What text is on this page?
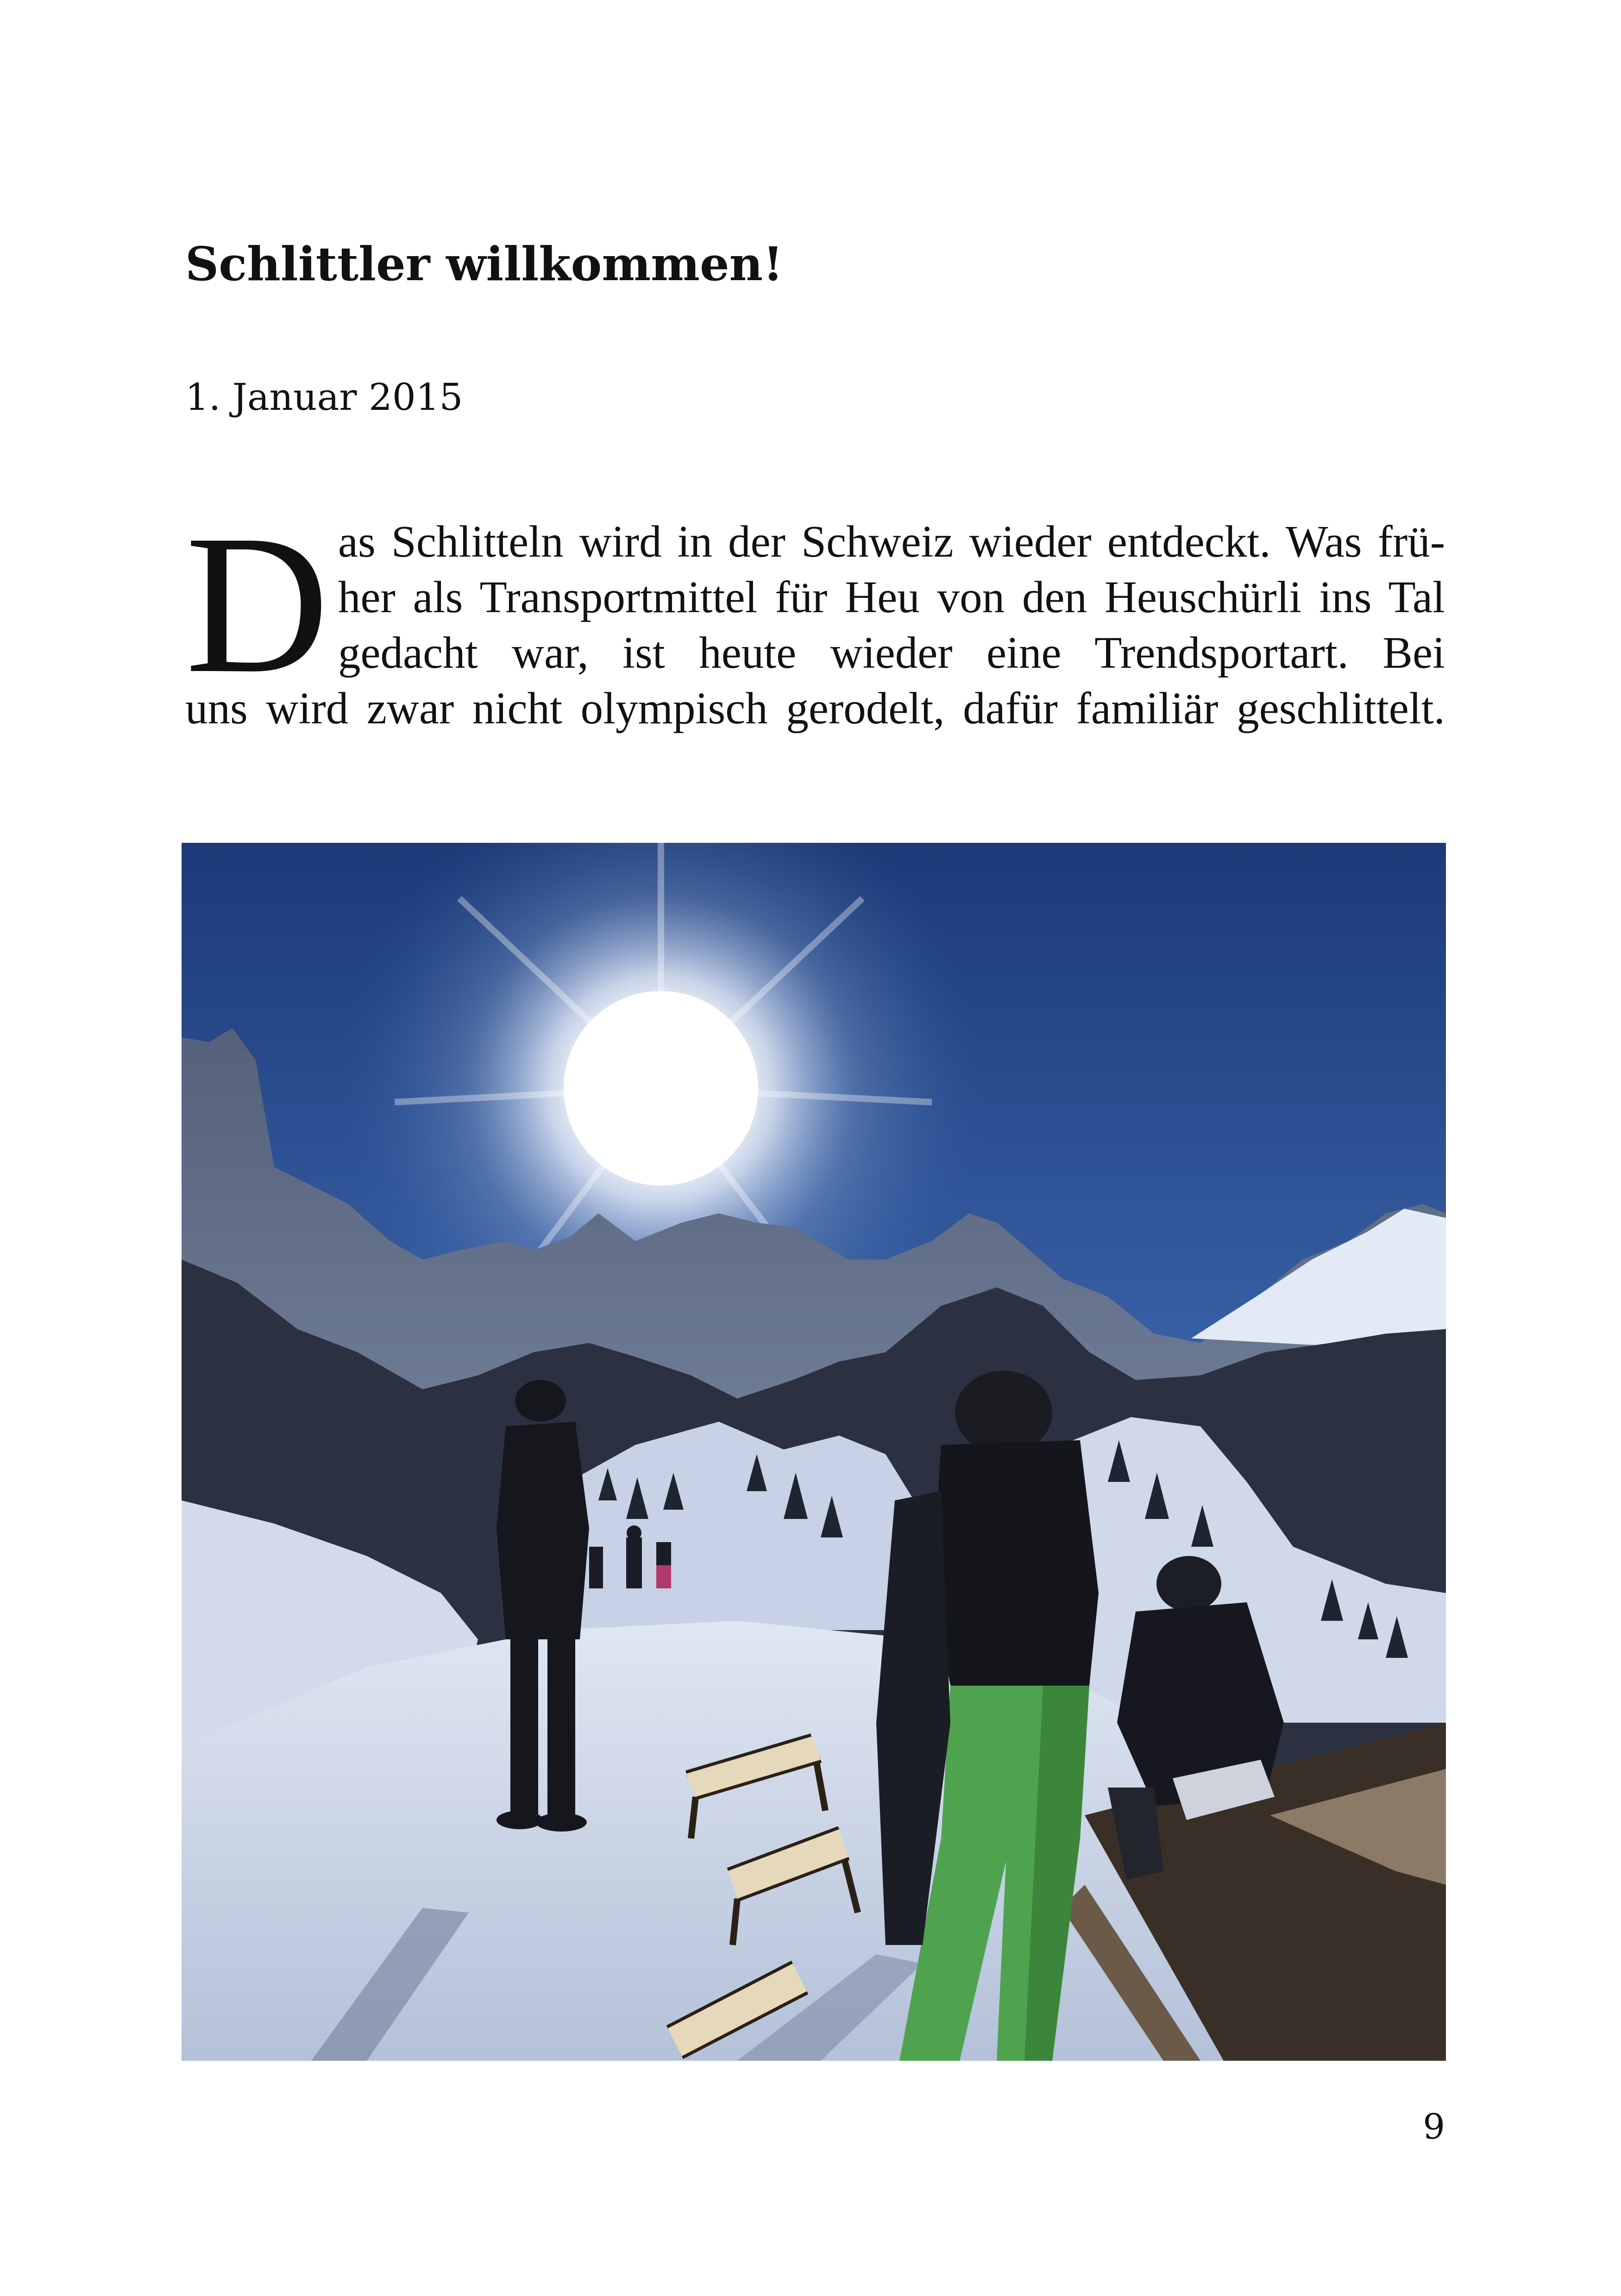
Schlittler willkommen!

1. Januar 2015

D as Schlitteln wird in der Schweiz wieder entdeckt. Was frü-
her als Transportmittel für Heu von den Heuschürli ins Tal
gedacht war, ist heute wieder eine Trendsportart. Bei
uns wird zwar nicht olympisch gerodelt, dafür familiär geschlittelt.
9
